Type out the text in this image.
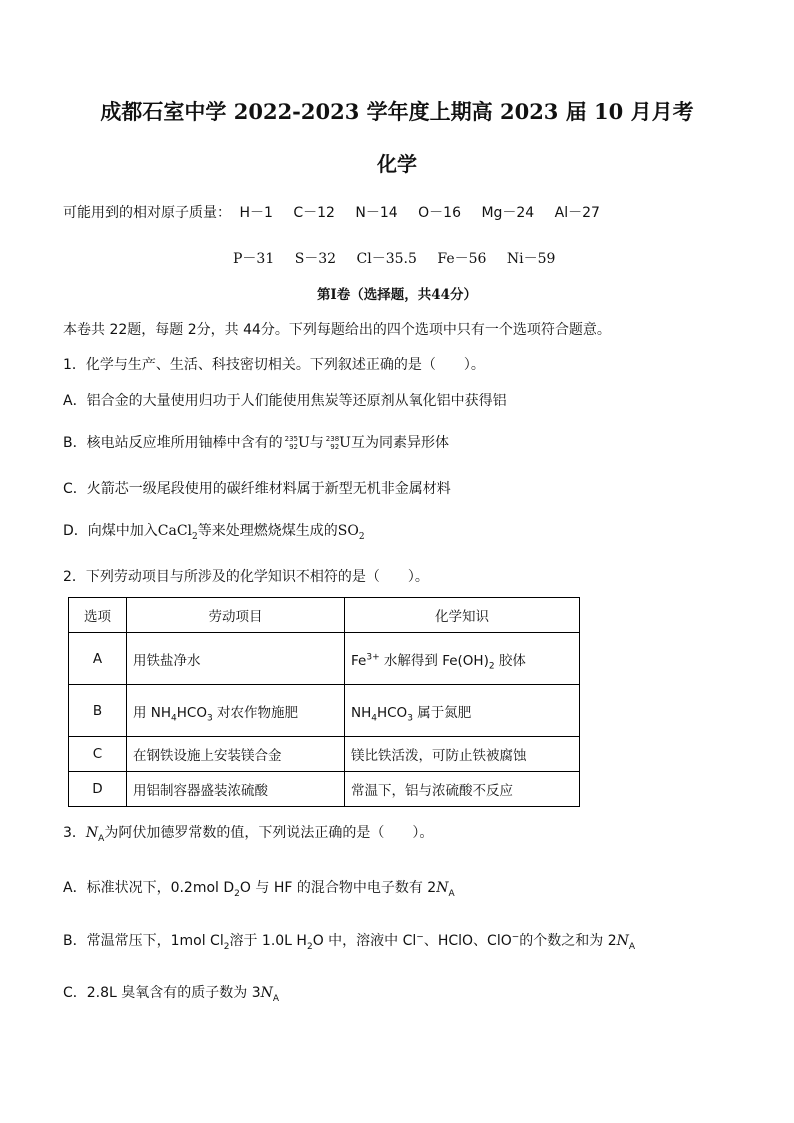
成都石室中学 2022-2023 学年度上期高 2023 届 10 月月考
化学
可能用到的相对原子质量： H－1 C－12 N－14 O－16 Mg－24 Al－27
P－31 S－32 Cl－35.5 Fe－56 Ni－59
第Ⅰ卷（选择题，共44分）
本卷共 22题，每题 2分，共 44分。下列每题给出的四个选项中只有一个选项符合题意。
1．化学与生产、生活、科技密切相关。下列叙述正确的是（　　）。
A．铝合金的大量使用归功于人们能使用焦炭等还原剂从氧化铝中获得铝
B．核电站反应堆所用铀棒中含有的 235
92 U与 238
92 U互为同素异形体
C．火箭芯一级尾段使用的碳纤维材料属于新型无机非金属材料
D．向煤中加入CaCl$_2$等来处理燃烧煤生成的$SO_2$
2．下列劳动项目与所涉及的化学知识不相符的是（　　）。
选项	劳动项目	化学知识
A	用铁盐净水	$Fe^{3+}$ 水解得到 $Fe(OH)_2$ 胶体
B	用 $NH_4HCO_3$ 对农作物施肥	$NH_4HCO_3$ 属于氮肥
C	在钢铁设施上安装镁合金	镁比铁活泼，可防止铁被腐蚀
D	用铝制容器盛装浓硫酸	常温下，铝与浓硫酸不反应
3．$N_A$为阿伏加德罗常数的值，下列说法正确的是（　　）。
A．标准状况下，0.2mol $D_2O$ 与 HF 的混合物中电子数有 $2N_A$
B．常温常压下，1mol $Cl_2$溶于 1.0L $H_2O$ 中，溶液中 Cl−、HClO、ClO−的个数之和为 $2N_A$
C．2.8L 臭氧含有的质子数为 $3N_A$
